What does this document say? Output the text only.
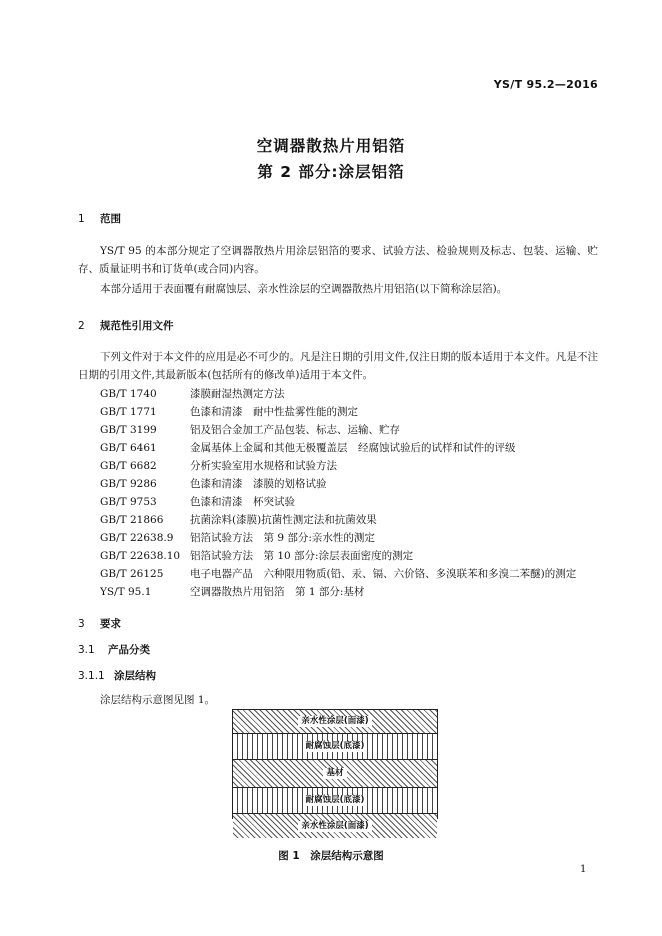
YS/T 95.2—2016
空调器散热片用铝箔
第 2 部分:涂层铝箔
1 范围
YS/T 95 的本部分规定了空调器散热片用涂层铝箔的要求、试验方法、检验规则及标志、包装、运输、贮存、质量证明书和订货单(或合同)内容。
本部分适用于表面覆有耐腐蚀层、亲水性涂层的空调器散热片用铝箔(以下简称涂层箔)。
2 规范性引用文件
下列文件对于本文件的应用是必不可少的。凡是注日期的引用文件,仅注日期的版本适用于本文件。凡是不注日期的引用文件,其最新版本(包括所有的修改单)适用于本文件。
GB/T 1740	漆膜耐湿热测定方法
GB/T 1771	色漆和清漆　耐中性盐雾性能的测定
GB/T 3199	铝及铝合金加工产品包装、标志、运输、贮存
GB/T 6461	金属基体上金属和其他无极覆盖层　经腐蚀试验后的试样和试件的评级
GB/T 6682	分析实验室用水规格和试验方法
GB/T 9286	色漆和清漆　漆膜的划格试验
GB/T 9753	色漆和清漆　杯突试验
GB/T 21866	抗菌涂料(漆膜)抗菌性测定法和抗菌效果
GB/T 22638.9 铝箔试验方法　第 9 部分:亲水性的测定
GB/T 22638.10 铝箔试验方法　第 10 部分:涂层表面密度的测定
GB/T 26125	电子电器产品　六种限用物质(铅、汞、镉、六价铬、多溴联苯和多溴二苯醚)的测定
YS/T 95.1	空调器散热片用铝箔　第 1 部分:基材
3 要求
3.1 产品分类
3.1.1 涂层结构
涂层结构示意图见图 1。
亲水性涂层(面漆)
耐腐蚀层(底漆)
基材
耐腐蚀层(底漆)
亲水性涂层(面漆)
图 1　 涂层结构示意图
1
